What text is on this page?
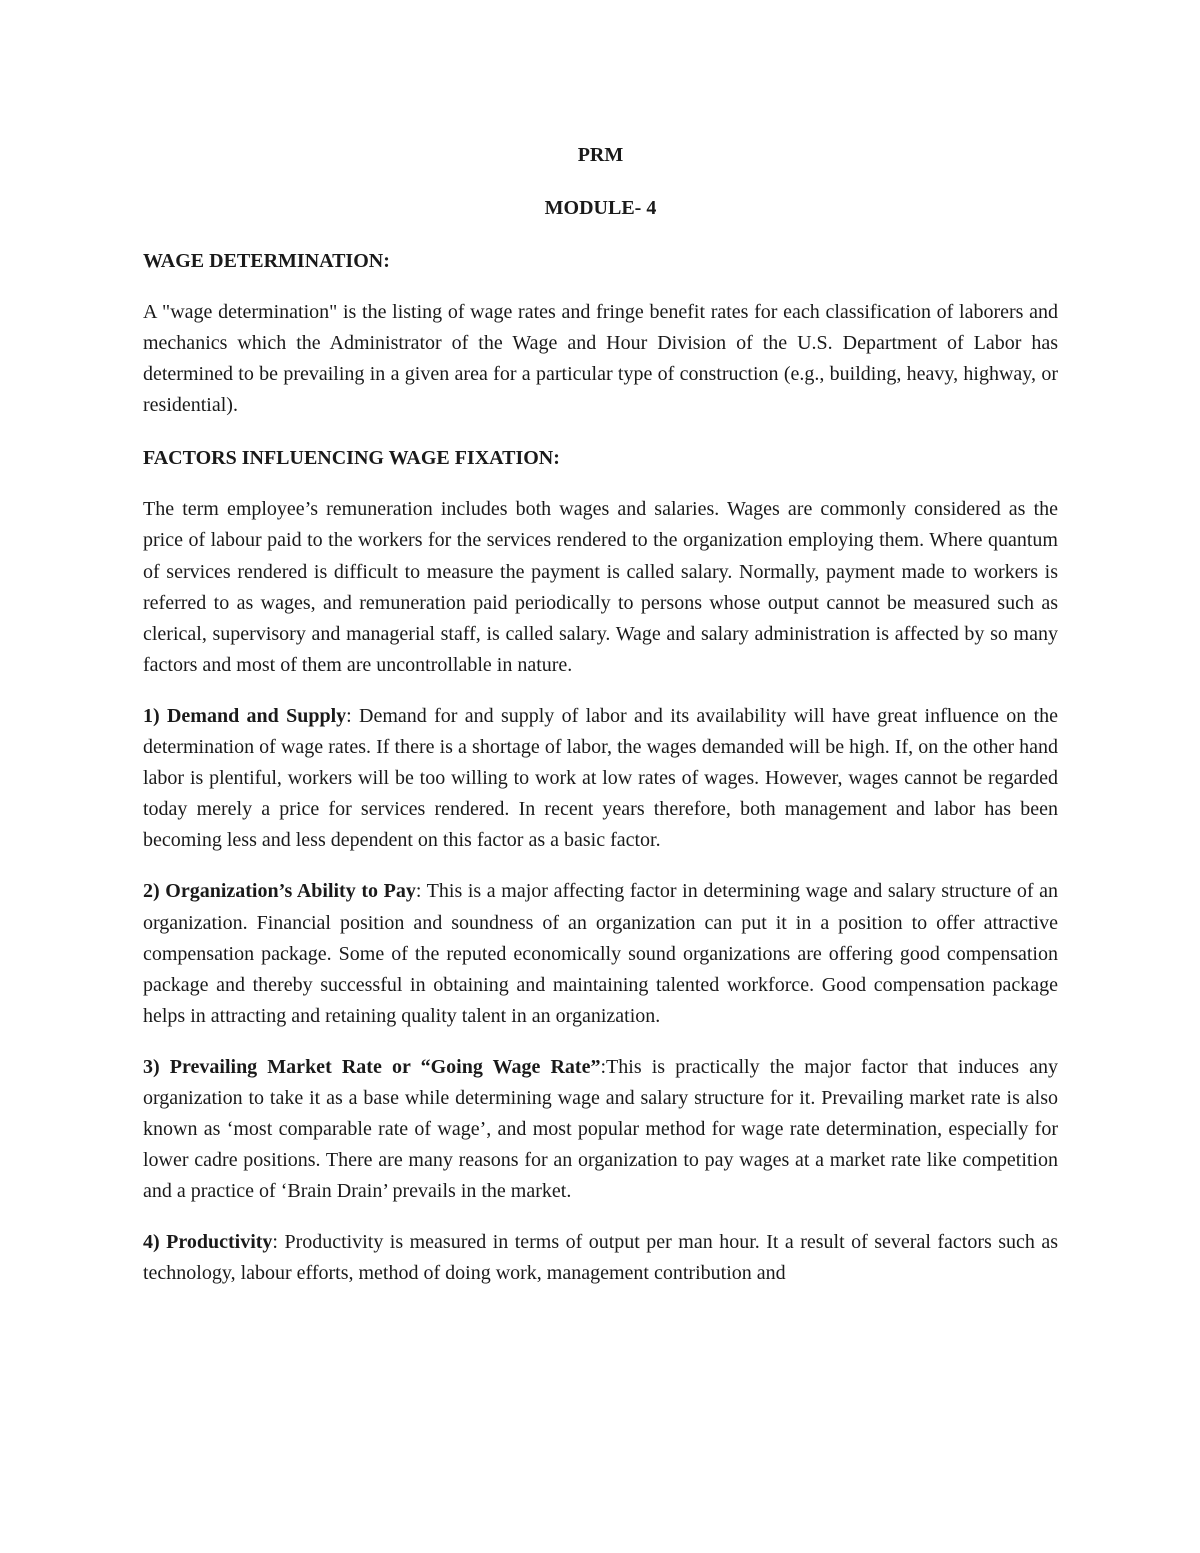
PRM

MODULE- 4

WAGE DETERMINATION:

A "wage determination" is the listing of wage rates and fringe benefit rates for each classification of laborers and mechanics which the Administrator of the Wage and Hour Division of the U.S. Department of Labor has determined to be prevailing in a given area for a particular type of construction (e.g., building, heavy, highway, or residential).

FACTORS INFLUENCING WAGE FIXATION:

The term employee’s remuneration includes both wages and salaries. Wages are commonly considered as the price of labour paid to the workers for the services rendered to the organization employing them. Where quantum of services rendered is difficult to measure the payment is called salary. Normally, payment made to workers is referred to as wages, and remuneration paid periodically to persons whose output cannot be measured such as clerical, supervisory and managerial staff, is called salary. Wage and salary administration is affected by so many factors and most of them are uncontrollable in nature.

1) Demand and Supply: Demand for and supply of labor and its availability will have great influence on the determination of wage rates. If there is a shortage of labor, the wages demanded will be high. If, on the other hand labor is plentiful, workers will be too willing to work at low rates of wages. However, wages cannot be regarded today merely a price for services rendered. In recent years therefore, both management and labor has been becoming less and less dependent on this factor as a basic factor.

2) Organization’s Ability to Pay: This is a major affecting factor in determining wage and salary structure of an organization. Financial position and soundness of an organization can put it in a position to offer attractive compensation package. Some of the reputed economically sound organizations are offering good compensation package and thereby successful in obtaining and maintaining talented workforce. Good compensation package helps in attracting and retaining quality talent in an organization.

3) Prevailing Market Rate or “Going Wage Rate”:This is practically the major factor that induces any organization to take it as a base while determining wage and salary structure for it. Prevailing market rate is also known as ‘most comparable rate of wage’, and most popular method for wage rate determination, especially for lower cadre positions. There are many reasons for an organization to pay wages at a market rate like competition and a practice of ‘Brain Drain’ prevails in the market.

4) Productivity: Productivity is measured in terms of output per man hour. It a result of several factors such as technology, labour efforts, method of doing work, management contribution and
